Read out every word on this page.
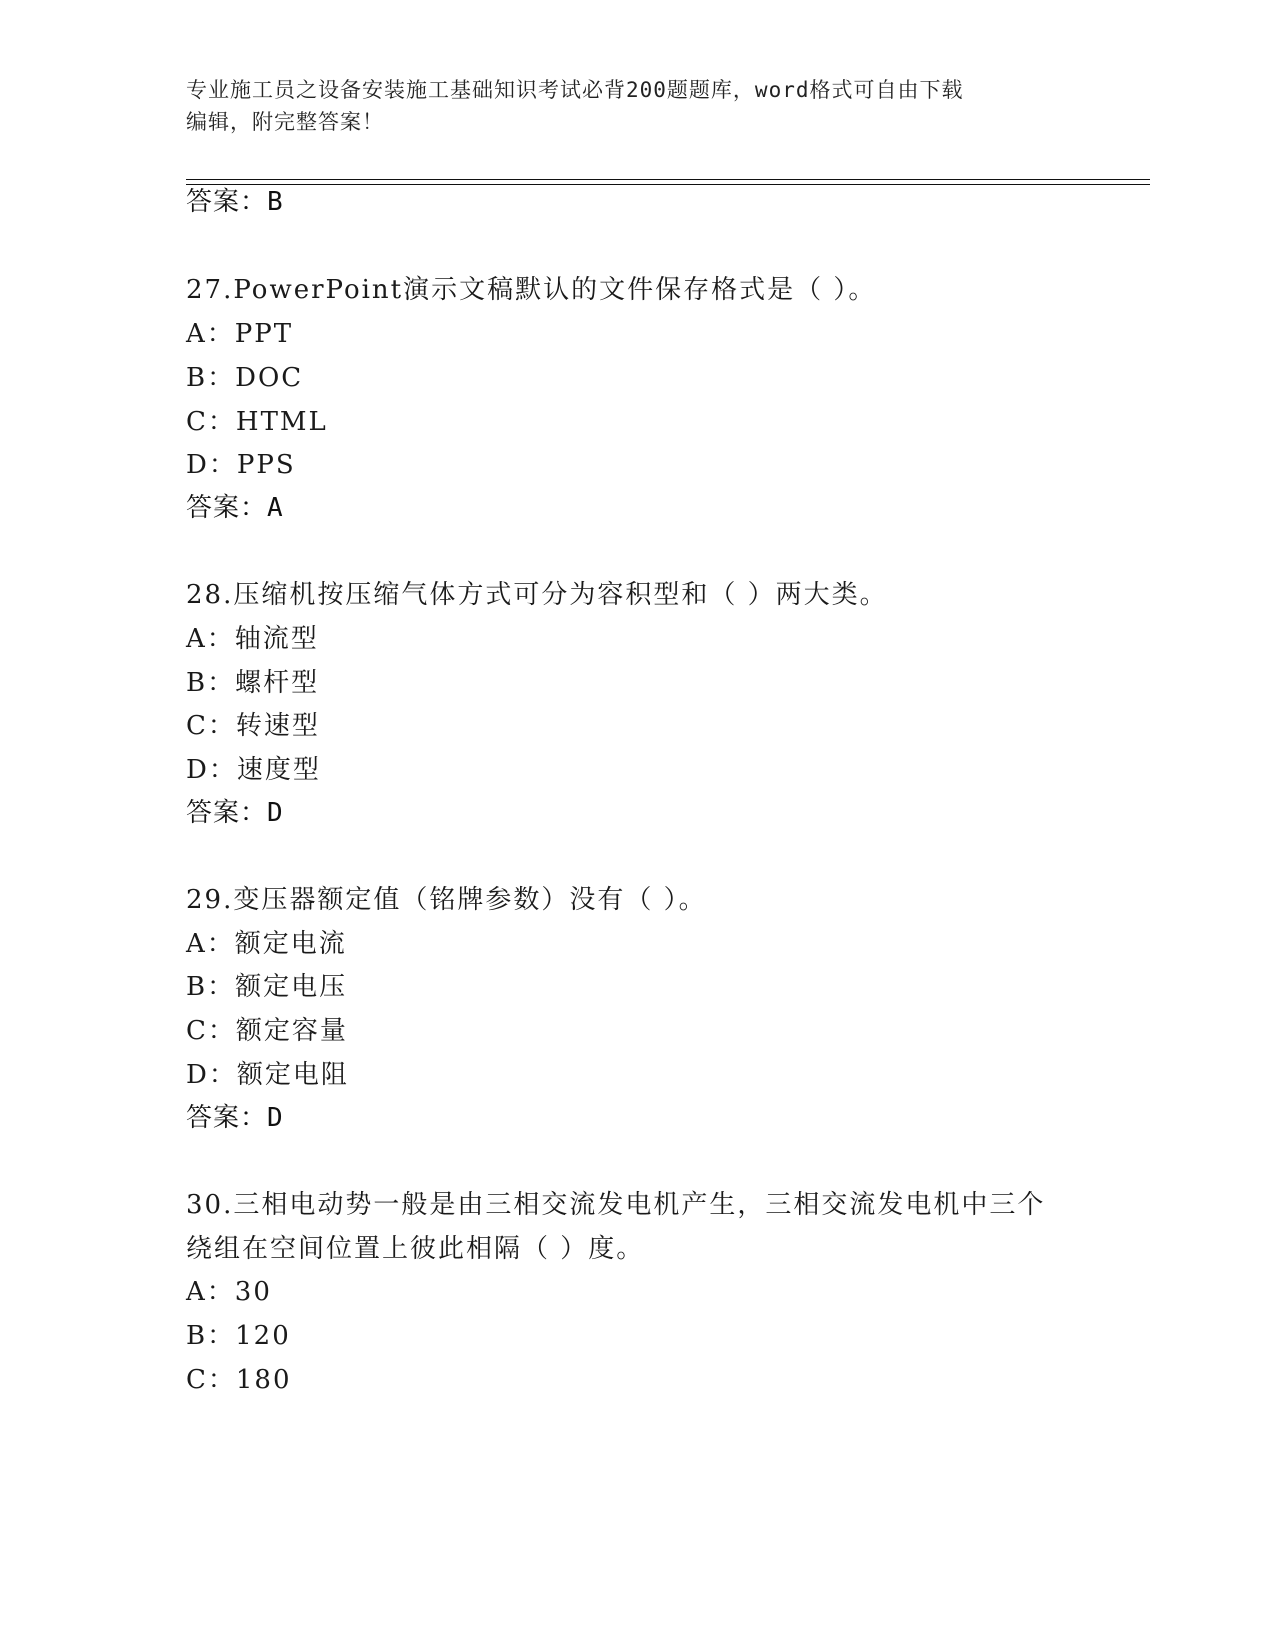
专业施工员之设备安装施工基础知识考试必背200题题库，word格式可自由下载
编辑，附完整答案！
答案：B
27.PowerPoint演示文稿默认的文件保存格式是（ ）。
A：PPT
B：DOC
C：HTML
D：PPS
答案：A
28.压缩机按压缩气体方式可分为容积型和（ ）两大类。
A：轴流型
B：螺杆型
C：转速型
D：速度型
答案：D
29.变压器额定值（铭牌参数）没有（ ）。
A：额定电流
B：额定电压
C：额定容量
D：额定电阻
答案：D
30.三相电动势一般是由三相交流发电机产生，三相交流发电机中三个
绕组在空间位置上彼此相隔（ ）度。
A：30
B：120
C：180
